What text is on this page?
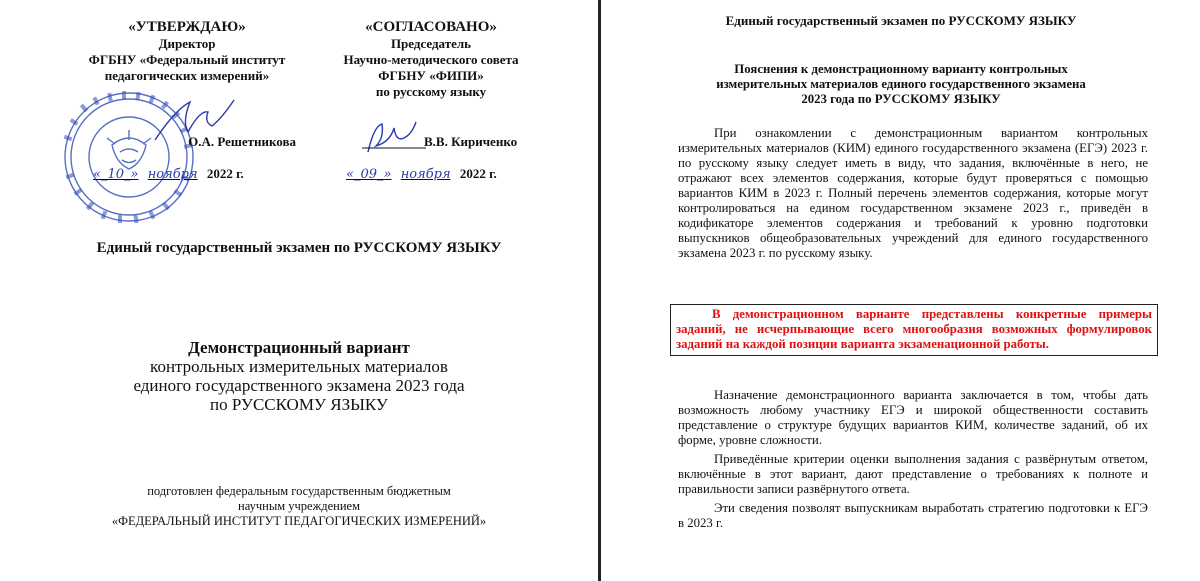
«УТВЕРЖДАЮ»
Директор
ФГБНУ «Федеральный институт
педагогических измерений»
О.А. Решетникова
«_10_» ноября 2022 г.
«СОГЛАСОВАНО»
Председатель
Научно-методического совета
ФГБНУ «ФИПИ»
по русскому языку
В.В. Кириченко
«_09_» ноября 2022 г.
Единый государственный экзамен по РУССКОМУ ЯЗЫКУ
Демонстрационный вариант
контрольных измерительных материалов
единого государственного экзамена 2023 года
по РУССКОМУ ЯЗЫКУ
подготовлен федеральным государственным бюджетным
научным учреждением
«ФЕДЕРАЛЬНЫЙ ИНСТИТУТ ПЕДАГОГИЧЕСКИХ ИЗМЕРЕНИЙ»
Единый государственный экзамен по РУССКОМУ ЯЗЫКУ
Пояснения к демонстрационному варианту контрольных
измерительных материалов единого государственного экзамена
2023 года по РУССКОМУ ЯЗЫКУ
При ознакомлении с демонстрационным вариантом контрольных измерительных материалов (КИМ) единого государственного экзамена (ЕГЭ) 2023 г. по русскому языку следует иметь в виду, что задания, включённые в него, не отражают всех элементов содержания, которые будут проверяться с помощью вариантов КИМ в 2023 г. Полный перечень элементов содержания, которые могут контролироваться на едином государственном экзамене 2023 г., приведён в кодификаторе элементов содержания и требований к уровню подготовки выпускников общеобразовательных учреждений для единого государственного экзамена 2023 г. по русскому языку.
В демонстрационном варианте представлены конкретные примеры заданий, не исчерпывающие всего многообразия возможных формулировок заданий на каждой позиции варианта экзаменационной работы.
Назначение демонстрационного варианта заключается в том, чтобы дать возможность любому участнику ЕГЭ и широкой общественности составить представление о структуре будущих вариантов КИМ, количестве заданий, об их форме, уровне сложности.
Приведённые критерии оценки выполнения задания с развёрнутым ответом, включённые в этот вариант, дают представление о требованиях к полноте и правильности записи развёрнутого ответа.
Эти сведения позволят выпускникам выработать стратегию подготовки к ЕГЭ в 2023 г.
